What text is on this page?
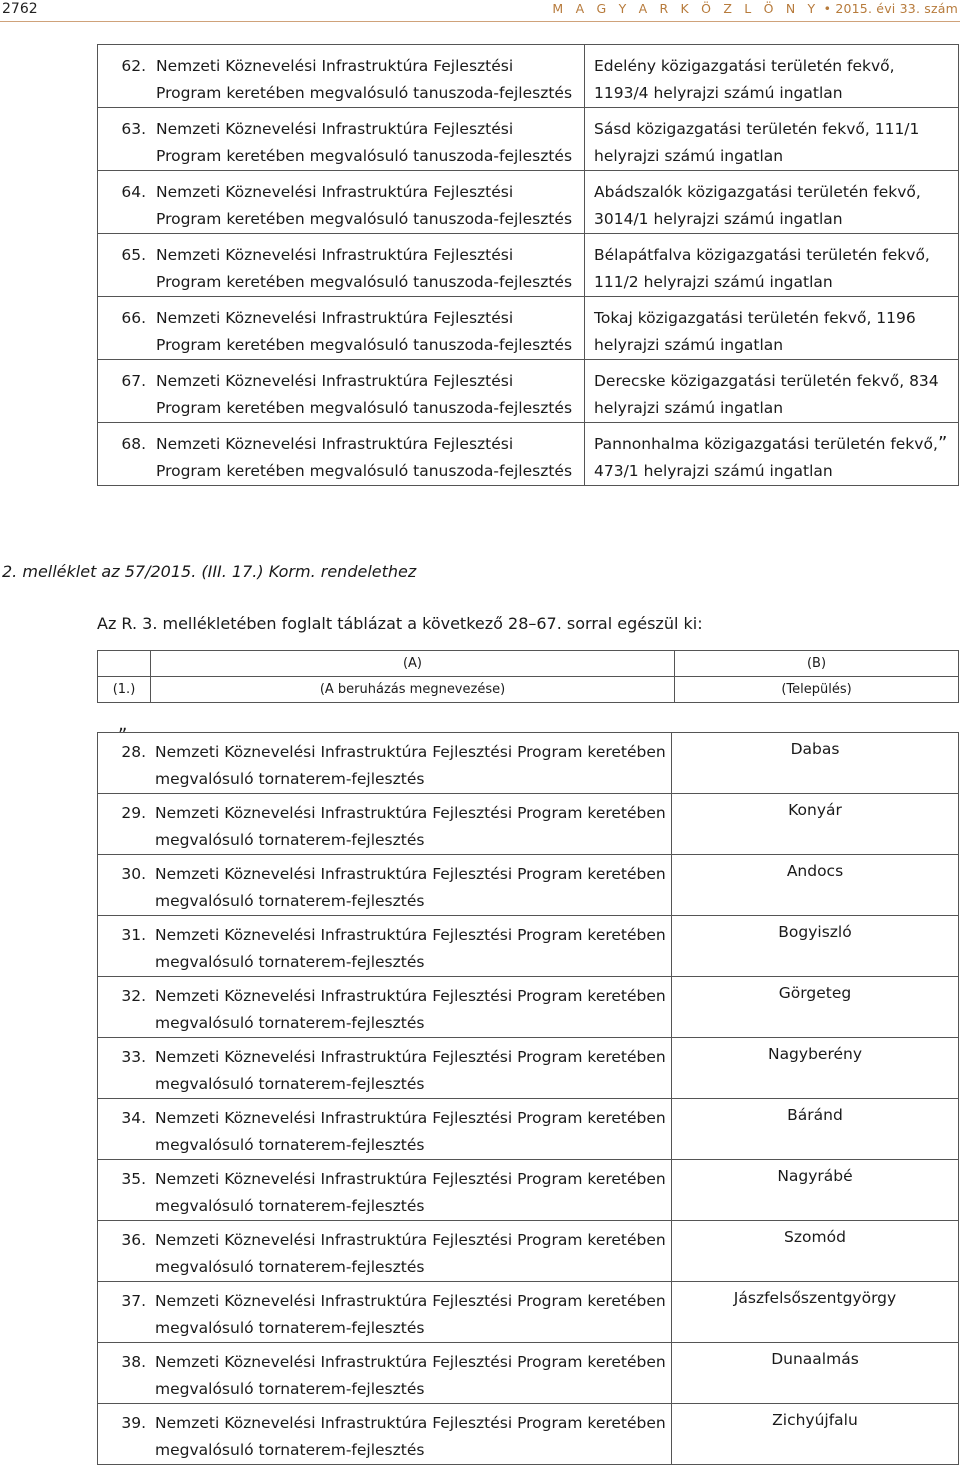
2762	M A G Y A R K Ö Z L Ö N Y • 2015. évi 33. szám
62.	Nemzeti Köznevelési Infrastruktúra Fejlesztési Program keretében megvalósuló tanuszoda-fejlesztés	Edelény közigazgatási területén fekvő, 1193/4 helyrajzi számú ingatlan
63.	Nemzeti Köznevelési Infrastruktúra Fejlesztési Program keretében megvalósuló tanuszoda-fejlesztés	Sásd közigazgatási területén fekvő, 111/1 helyrajzi számú ingatlan
64.	Nemzeti Köznevelési Infrastruktúra Fejlesztési Program keretében megvalósuló tanuszoda-fejlesztés	Abádszalók közigazgatási területén fekvő, 3014/1 helyrajzi számú ingatlan
65.	Nemzeti Köznevelési Infrastruktúra Fejlesztési Program keretében megvalósuló tanuszoda-fejlesztés	Bélapátfalva közigazgatási területén fekvő, 111/2 helyrajzi számú ingatlan
66.	Nemzeti Köznevelési Infrastruktúra Fejlesztési Program keretében megvalósuló tanuszoda-fejlesztés	Tokaj közigazgatási területén fekvő, 1196 helyrajzi számú ingatlan
67.	Nemzeti Köznevelési Infrastruktúra Fejlesztési Program keretében megvalósuló tanuszoda-fejlesztés	Derecske közigazgatási területén fekvő, 834 helyrajzi számú ingatlan
68.	Nemzeti Köznevelési Infrastruktúra Fejlesztési Program keretében megvalósuló tanuszoda-fejlesztés	Pannonhalma közigazgatási területén fekvő, 473/1 helyrajzi számú ingatlan
”
2. melléklet az 57/2015. (III. 17.) Korm. rendelethez
Az R. 3. mellékletében foglalt táblázat a következő 28–67. sorral egészül ki:
	(A)	(B)
(1.)	(A beruházás megnevezése)	(Település)
„
28.	Nemzeti Köznevelési Infrastruktúra Fejlesztési Program keretében megvalósuló tornaterem-fejlesztés	Dabas
29.	Nemzeti Köznevelési Infrastruktúra Fejlesztési Program keretében megvalósuló tornaterem-fejlesztés	Konyár
30.	Nemzeti Köznevelési Infrastruktúra Fejlesztési Program keretében megvalósuló tornaterem-fejlesztés	Andocs
31.	Nemzeti Köznevelési Infrastruktúra Fejlesztési Program keretében megvalósuló tornaterem-fejlesztés	Bogyiszló
32.	Nemzeti Köznevelési Infrastruktúra Fejlesztési Program keretében megvalósuló tornaterem-fejlesztés	Görgeteg
33.	Nemzeti Köznevelési Infrastruktúra Fejlesztési Program keretében megvalósuló tornaterem-fejlesztés	Nagyberény
34.	Nemzeti Köznevelési Infrastruktúra Fejlesztési Program keretében megvalósuló tornaterem-fejlesztés	Báránd
35.	Nemzeti Köznevelési Infrastruktúra Fejlesztési Program keretében megvalósuló tornaterem-fejlesztés	Nagyrábé
36.	Nemzeti Köznevelési Infrastruktúra Fejlesztési Program keretében megvalósuló tornaterem-fejlesztés	Szomód
37.	Nemzeti Köznevelési Infrastruktúra Fejlesztési Program keretében megvalósuló tornaterem-fejlesztés	Jászfelsőszentgyörgy
38.	Nemzeti Köznevelési Infrastruktúra Fejlesztési Program keretében megvalósuló tornaterem-fejlesztés	Dunaalmás
39.	Nemzeti Köznevelési Infrastruktúra Fejlesztési Program keretében megvalósuló tornaterem-fejlesztés	Zichyújfalu
